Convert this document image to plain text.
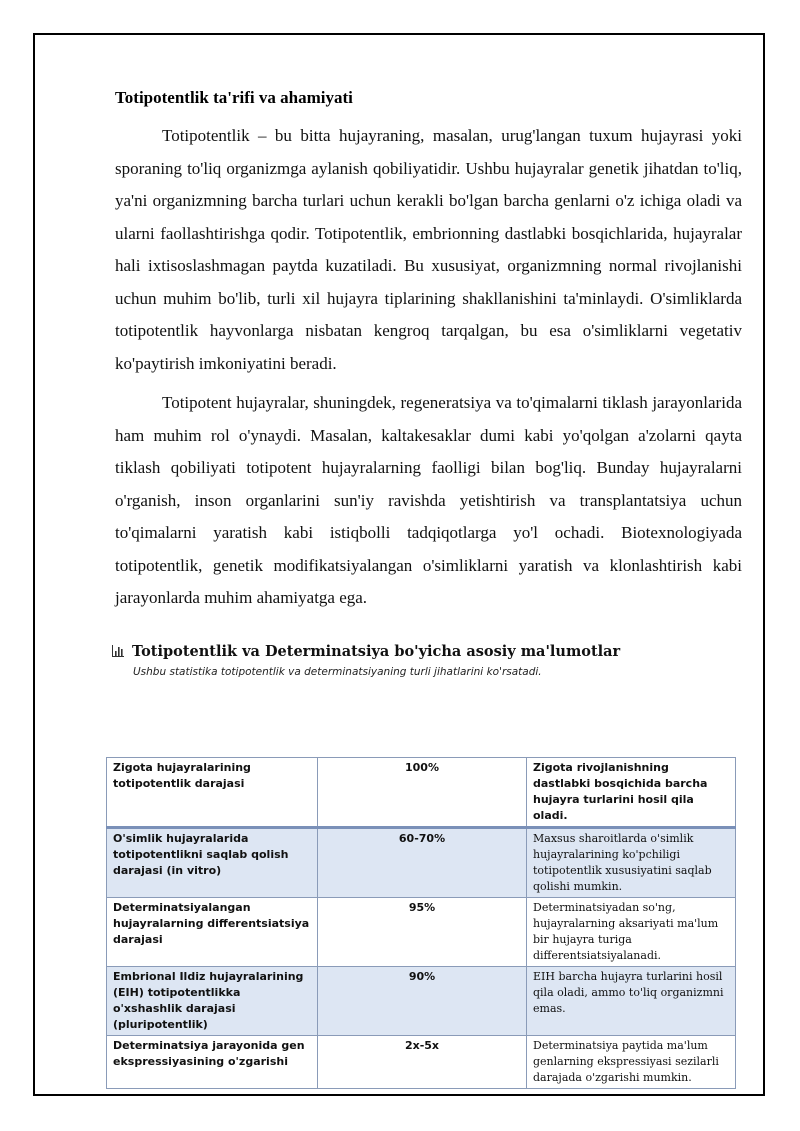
Totipotentlik ta'rifi va ahamiyati

Totipotentlik – bu bitta hujayraning, masalan, urug'langan tuxum hujayrasi yoki sporaning to'liq organizmga aylanish qobiliyatidir. Ushbu hujayralar genetik jihatdan to'liq, ya'ni organizmning barcha turlari uchun kerakli bo'lgan barcha genlarni o'z ichiga oladi va ularni faollashtirishga qodir. Totipotentlik, embrionning dastlabki bosqichlarida, hujayralar hali ixtisoslashmagan paytda kuzatiladi. Bu xususiyat, organizmning normal rivojlanishi uchun muhim bo'lib, turli xil hujayra tiplarining shakllanishini ta'minlaydi. O'simliklarda totipotentlik hayvonlarga nisbatan kengroq tarqalgan, bu esa o'simliklarni vegetativ ko'paytirish imkoniyatini beradi.

Totipotent hujayralar, shuningdek, regeneratsiya va to'qimalarni tiklash jarayonlarida ham muhim rol o'ynaydi. Masalan, kaltakesaklar dumi kabi yo'qolgan a'zolarni qayta tiklash qobiliyati totipotent hujayralarning faolligi bilan bog'liq. Bunday hujayralarni o'rganish, inson organlarini sun'iy ravishda yetishtirish va transplantatsiya uchun to'qimalarni yaratish kabi istiqbolli tadqiqotlarga yo'l ochadi. Biotexnologiyada totipotentlik, genetik modifikatsiyalangan o'simliklarni yaratish va klonlashtirish kabi jarayonlarda muhim ahamiyatga ega.

Totipotentlik va Determinatsiya bo'yicha asosiy ma'lumotlar
Ushbu statistika totipotentlik va determinatsiyaning turli jihatlarini ko'rsatadi.
Zigota hujayralarining totipotentlik darajasi	100%	Zigota rivojlanishning dastlabki bosqichida barcha hujayra turlarini hosil qila oladi.
O'simlik hujayralarida totipotentlikni saqlab qolish darajasi (in vitro)	60-70%	Maxsus sharoitlarda o'simlik hujayralarining ko'pchiligi totipotentlik xususiyatini saqlab qolishi mumkin.
Determinatsiyalangan hujayralarning differentsiatsiya darajasi	95%	Determinatsiyadan so'ng, hujayralarning aksariyati ma'lum bir hujayra turiga differentsiatsiyalanadi.
Embrional Ildiz hujayralarining (EIH) totipotentlikka o'xshashlik darajasi (pluripotentlik)	90%	EIH barcha hujayra turlarini hosil qila oladi, ammo to'liq organizmni emas.
Determinatsiya jarayonida gen ekspressiyasining o'zgarishi	2x-5x	Determinatsiya paytida ma'lum genlarning ekspressiyasi sezilarli darajada o'zgarishi mumkin.
